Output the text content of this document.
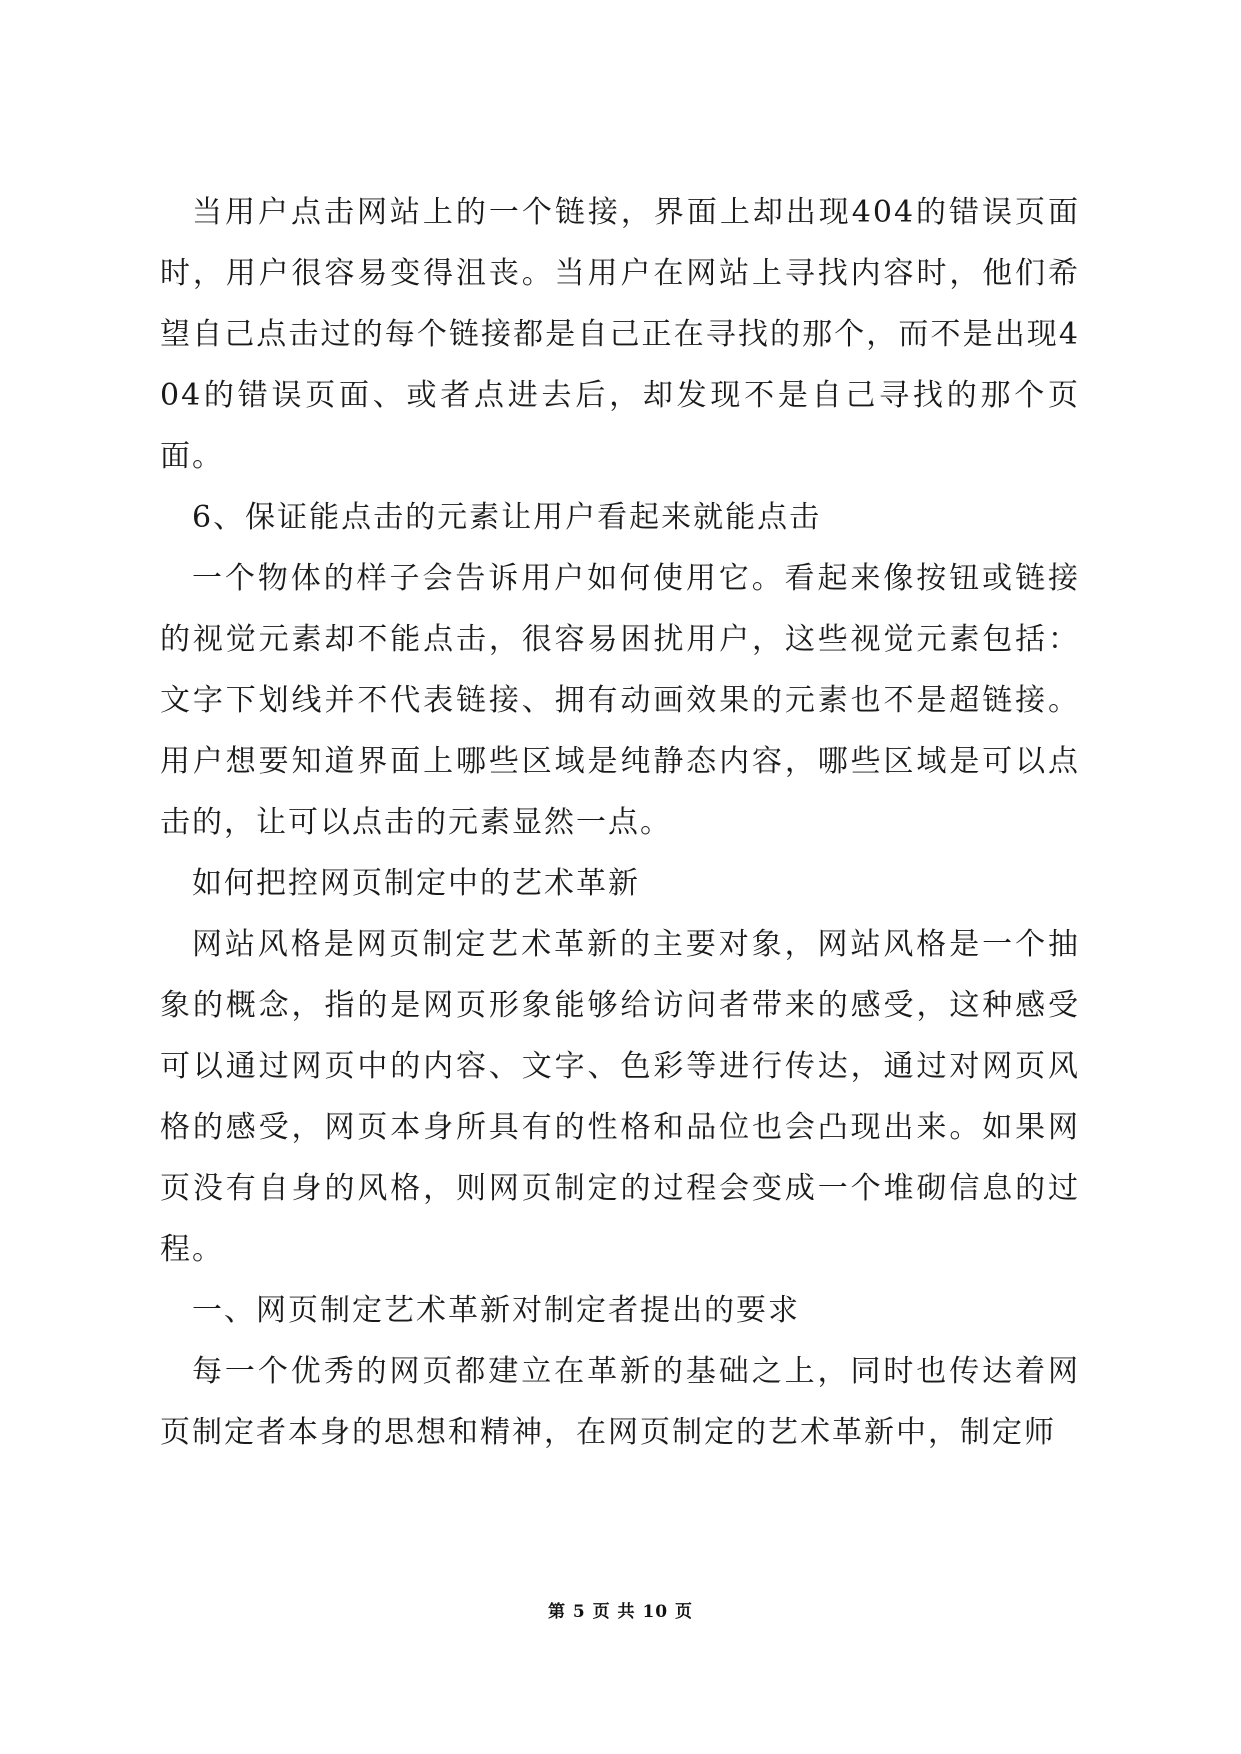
当用户点击网站上的一个链接，界面上却出现404的错误页面时，用户很容易变得沮丧。当用户在网站上寻找内容时，他们希望自己点击过的每个链接都是自己正在寻找的那个，而不是出现404的错误页面、或者点进去后，却发现不是自己寻找的那个页面。

6、保证能点击的元素让用户看起来就能点击

一个物体的样子会告诉用户如何使用它。看起来像按钮或链接的视觉元素却不能点击，很容易困扰用户，这些视觉元素包括：文字下划线并不代表链接、拥有动画效果的元素也不是超链接。用户想要知道界面上哪些区域是纯静态内容，哪些区域是可以点击的，让可以点击的元素显然一点。

如何把控网页制定中的艺术革新

网站风格是网页制定艺术革新的主要对象，网站风格是一个抽象的概念，指的是网页形象能够给访问者带来的感受，这种感受可以通过网页中的内容、文字、色彩等进行传达，通过对网页风格的感受，网页本身所具有的性格和品位也会凸现出来。如果网页没有自身的风格，则网页制定的过程会变成一个堆砌信息的过程。

一、网页制定艺术革新对制定者提出的要求

每一个优秀的网页都建立在革新的基础之上，同时也传达着网页制定者本身的思想和精神，在网页制定的艺术革新中，制定师

第 5 页 共 10 页
